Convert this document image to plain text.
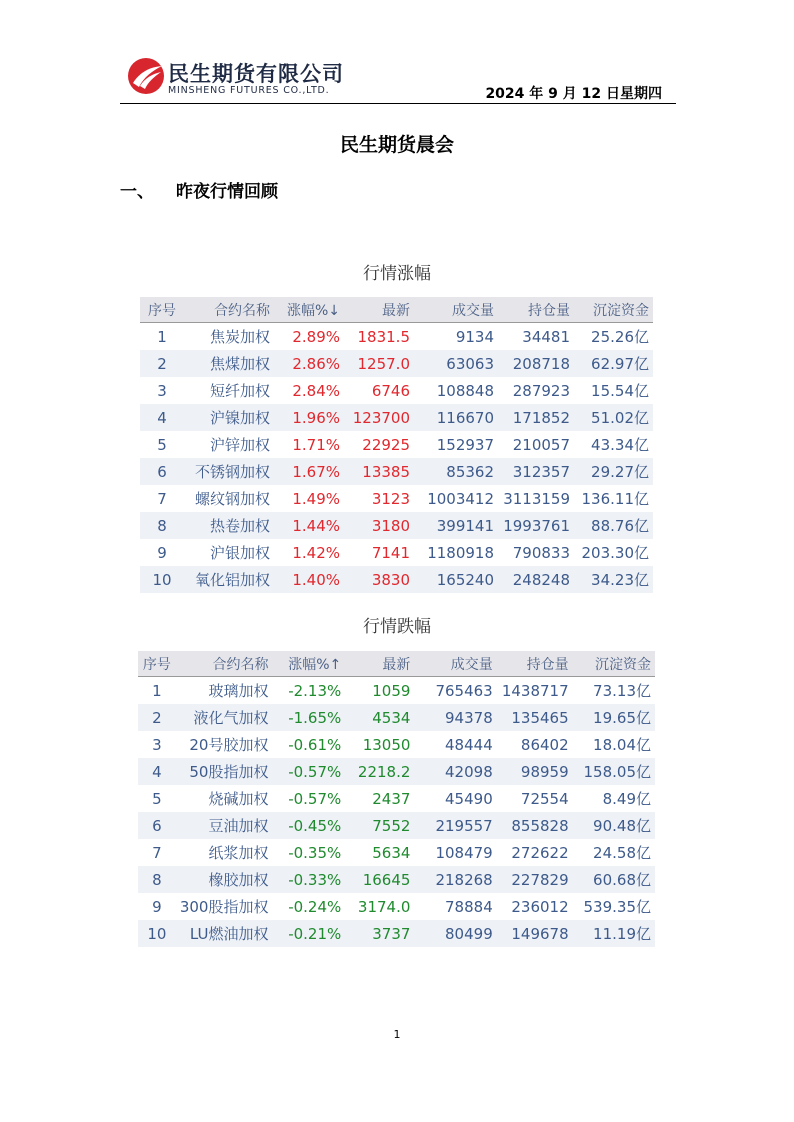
民生期货有限公司
MINSHENG FUTURES CO.,LTD.	2024 年 9 月 12 日星期四
民生期货晨会
一、 昨夜行情回顾
行情涨幅
序号	合约名称	涨幅%↓	最新	成交量	持仓量	沉淀资金
1	焦炭加权	2.89%	1831.5	9134	34481	25.26亿
2	焦煤加权	2.86%	1257.0	63063	208718	62.97亿
3	短纤加权	2.84%	6746	108848	287923	15.54亿
4	沪镍加权	1.96%	123700	116670	171852	51.02亿
5	沪锌加权	1.71%	22925	152937	210057	43.34亿
6	不锈钢加权	1.67%	13385	85362	312357	29.27亿
7	螺纹钢加权	1.49%	3123	1003412	3113159	136.11亿
8	热卷加权	1.44%	3180	399141	1993761	88.76亿
9	沪银加权	1.42%	7141	1180918	790833	203.30亿
10	氧化铝加权	1.40%	3830	165240	248248	34.23亿
行情跌幅
序号	合约名称	涨幅%↑	最新	成交量	持仓量	沉淀资金
1	玻璃加权	-2.13%	1059	765463	1438717	73.13亿
2	液化气加权	-1.65%	4534	94378	135465	19.65亿
3	20号胶加权	-0.61%	13050	48444	86402	18.04亿
4	50股指加权	-0.57%	2218.2	42098	98959	158.05亿
5	烧碱加权	-0.57%	2437	45490	72554	8.49亿
6	豆油加权	-0.45%	7552	219557	855828	90.48亿
7	纸浆加权	-0.35%	5634	108479	272622	24.58亿
8	橡胶加权	-0.33%	16645	218268	227829	60.68亿
9	300股指加权	-0.24%	3174.0	78884	236012	539.35亿
10	LU燃油加权	-0.21%	3737	80499	149678	11.19亿
1
